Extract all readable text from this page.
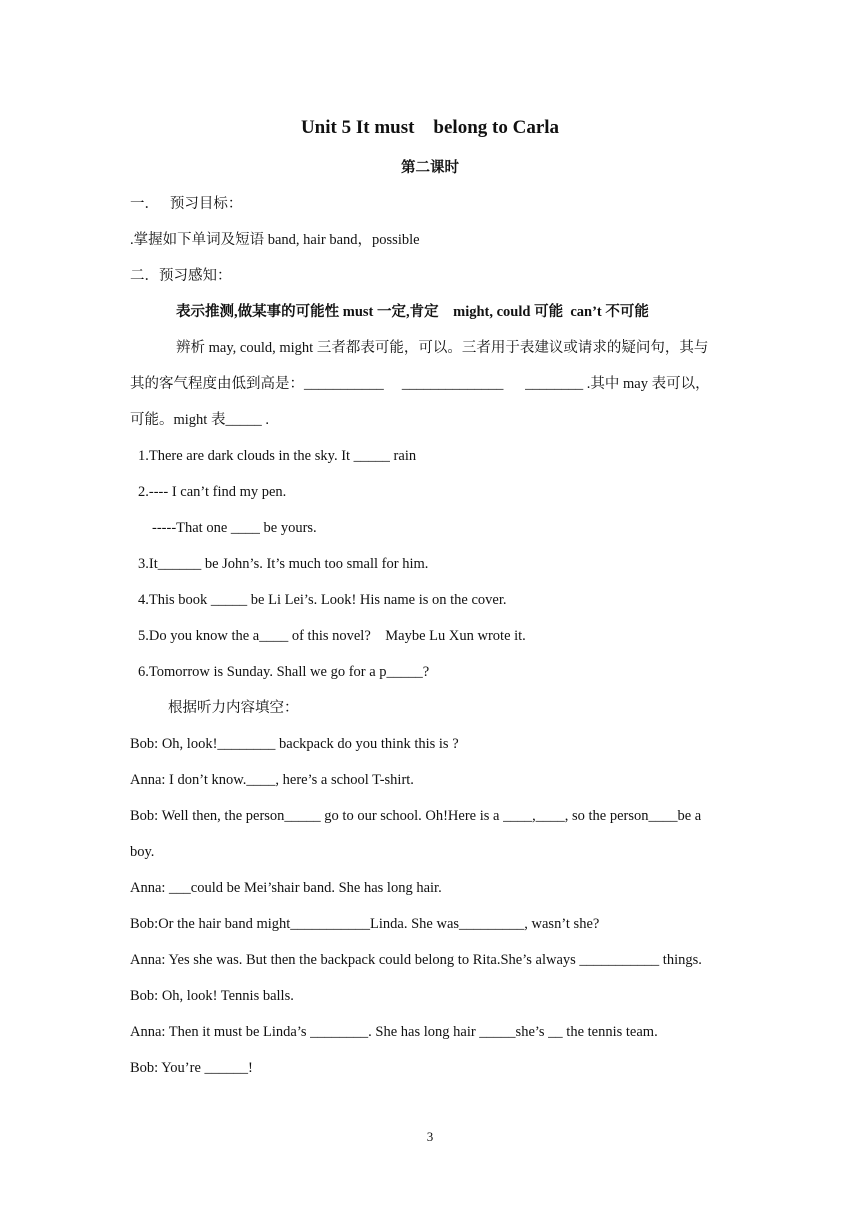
Unit 5 It must    belong to Carla
第二课时
一．   预习目标：
.掌握如下单词及短语 band, hair band，possible
二．预习感知：
表示推测,做某事的可能性 must 一定,肯定    might, could 可能  can’t 不可能
辨析 may, could, might 三者都表可能，可以。三者用于表建议或请求的疑问句，其与
其的客气程度由低到高是：___________     ______________      ________ .其中 may 表可以，
可能。might 表_____ .
1.There are dark clouds in the sky. It _____ rain
2.---- I can’t find my pen.
-----That one ____ be yours.
3.It______ be John’s. It’s much too small for him.
4.This book _____ be Li Lei’s. Look! His name is on the cover.
5.Do you know the a____ of this novel?    Maybe Lu Xun wrote it.
6.Tomorrow is Sunday. Shall we go for a p_____?
根据听力内容填空：
Bob: Oh, look!________ backpack do you think this is ?
Anna: I don’t know.____, here’s a school T-shirt.
Bob: Well then, the person_____ go to our school. Oh!Here is a ____,____, so the person____be a
boy.
Anna: ___could be Mei’shair band. She has long hair.
Bob:Or the hair band might___________Linda. She was_________, wasn’t she?
Anna: Yes she was. But then the backpack could belong to Rita.She’s always ___________ things.
Bob: Oh, look! Tennis balls.
Anna: Then it must be Linda’s ________. She has long hair _____she’s __ the tennis team.
Bob: You’re ______!
3
